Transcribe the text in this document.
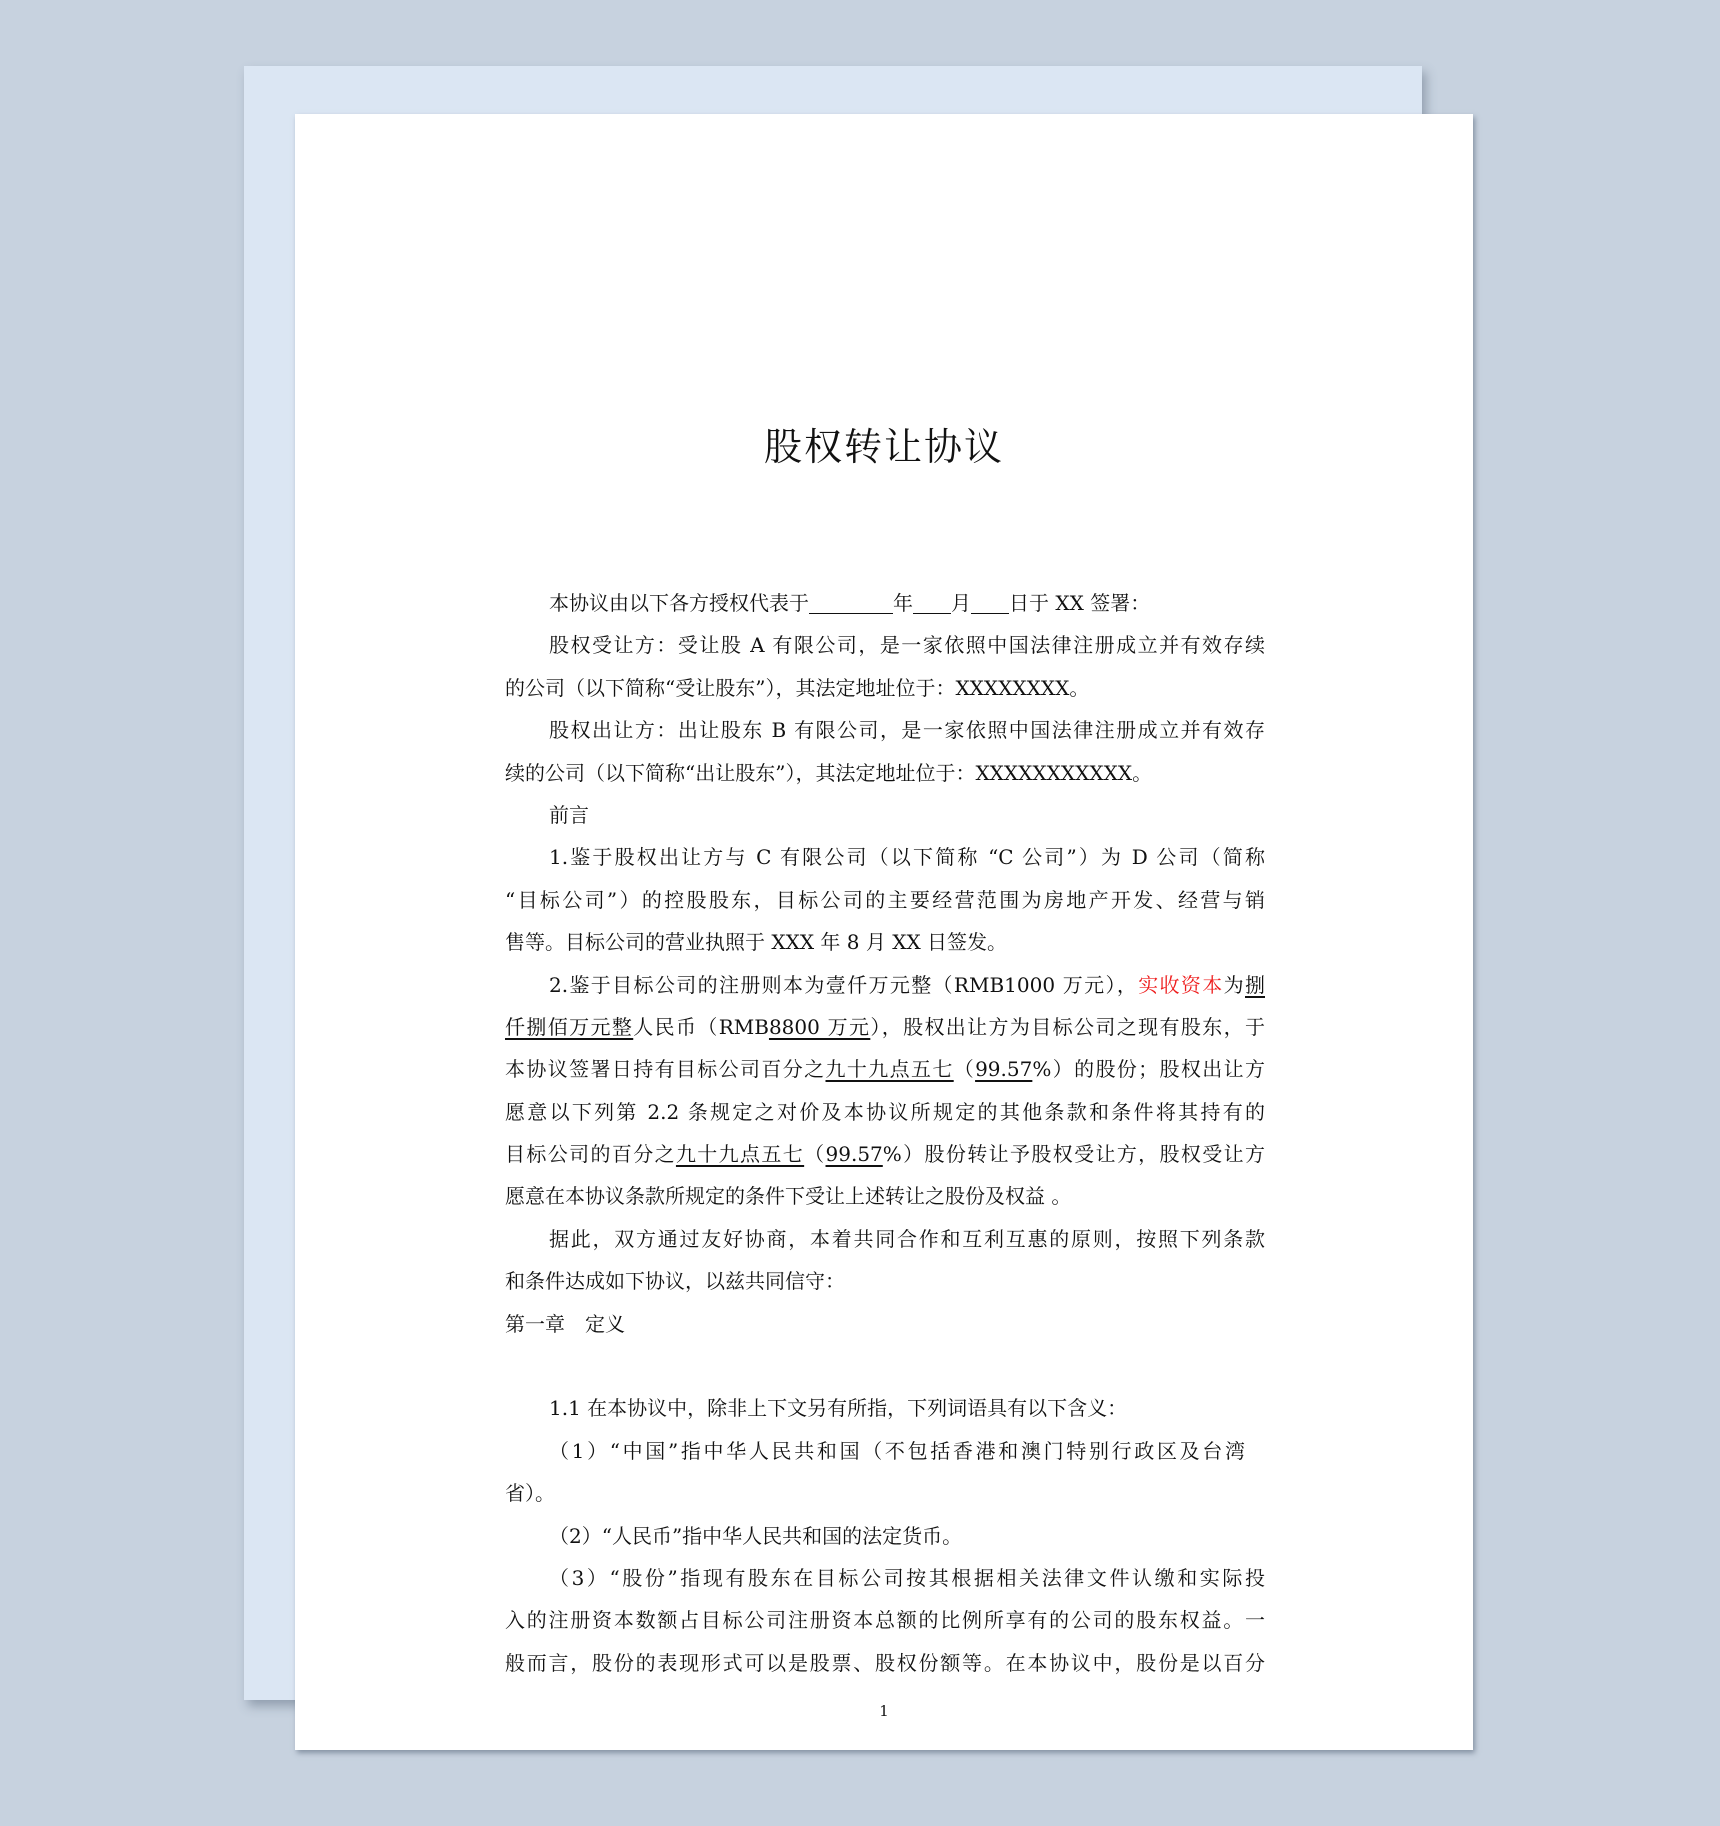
股权转让协议
本协议由以下各方授权代表于	年 月 日于 XX 签署：
股权受让方：受让股 A 有限公司，是一家依照中国法律注册成立并有效存续
的公司（以下简称“受让股东”），其法定地址位于：XXXXXXXX。
股权出让方：出让股东 B 有限公司，是一家依照中国法律注册成立并有效存
续的公司（以下简称“出让股东”），其法定地址位于：XXXXXXXXXXX。
前言
1.鉴于股权出让方与 C 有限公司（以下简称 “C 公司”）为 D 公司（简称
“目标公司”）的控股股东，目标公司的主要经营范围为房地产开发、经营与销
售等。目标公司的营业执照于 XXX 年 8 月 XX 日签发。
2.鉴于目标公司的注册则本为壹仟万元整（RMB1000 万元），实收资本为捌
仟捌佰万元整人民币（RMB8800 万元），股权出让方为目标公司之现有股东，于
本协议签署日持有目标公司百分之九十九点五七（99.57%）的股份；股权出让方
愿意以下列第 2.2 条规定之对价及本协议所规定的其他条款和条件将其持有的
目标公司的百分之九十九点五七（99.57%）股份转让予股权受让方，股权受让方
愿意在本协议条款所规定的条件下受让上述转让之股份及权益 。
据此，双方通过友好协商，本着共同合作和互利互惠的原则，按照下列条款
和条件达成如下协议，以兹共同信守：
第一章　定义
1.1 在本协议中，除非上下文另有所指，下列词语具有以下含义：
（1）“中国”指中华人民共和国（不包括香港和澳门特别行政区及台湾
省）。
（2）“人民币”指中华人民共和国的法定货币。
（3）“股份”指现有股东在目标公司按其根据相关法律文件认缴和实际投
入的注册资本数额占目标公司注册资本总额的比例所享有的公司的股东权益。一
般而言，股份的表现形式可以是股票、股权份额等。在本协议中，股份是以百分
1
